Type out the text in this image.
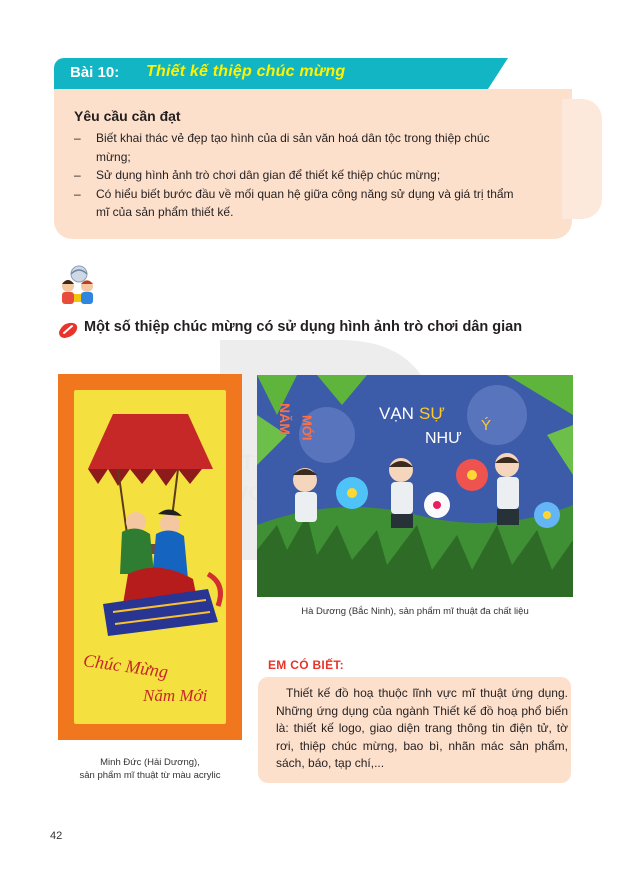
VỚI
Bài 10: Thiết kế thiệp chúc mừng
Yêu cầu cần đạt
– Biết khai thác vẻ đẹp tạo hình của di sản văn hoá dân tộc trong thiệp chúc mừng;
– Sử dụng hình ảnh trò chơi dân gian để thiết kế thiệp chúc mừng;
– Có hiểu biết bước đầu về mối quan hệ giữa công năng sử dụng và giá trị thẩm mĩ của sản phẩm thiết kế.
Một số thiệp chúc mừng có sử dụng hình ảnh trò chơi dân gian
Chúc Mừng
Năm Mới
Minh Đức (Hải Dương),
sản phẩm mĩ thuật từ màu acrylic
NĂM MỚI
VẠN SỰ
NHƯ
Ý
Hà Dương (Bắc Ninh), sản phẩm mĩ thuật đa chất liệu
EM CÓ BIẾT:
Thiết kế đồ hoạ thuộc lĩnh vực mĩ thuật ứng dụng. Những ứng dụng của ngành Thiết kế đồ hoạ phổ biến là: thiết kế logo, giao diện trang thông tin điện tử, tờ rơi, thiệp chúc mừng, bao bì, nhãn mác sản phẩm, sách, báo, tạp chí,...
42
